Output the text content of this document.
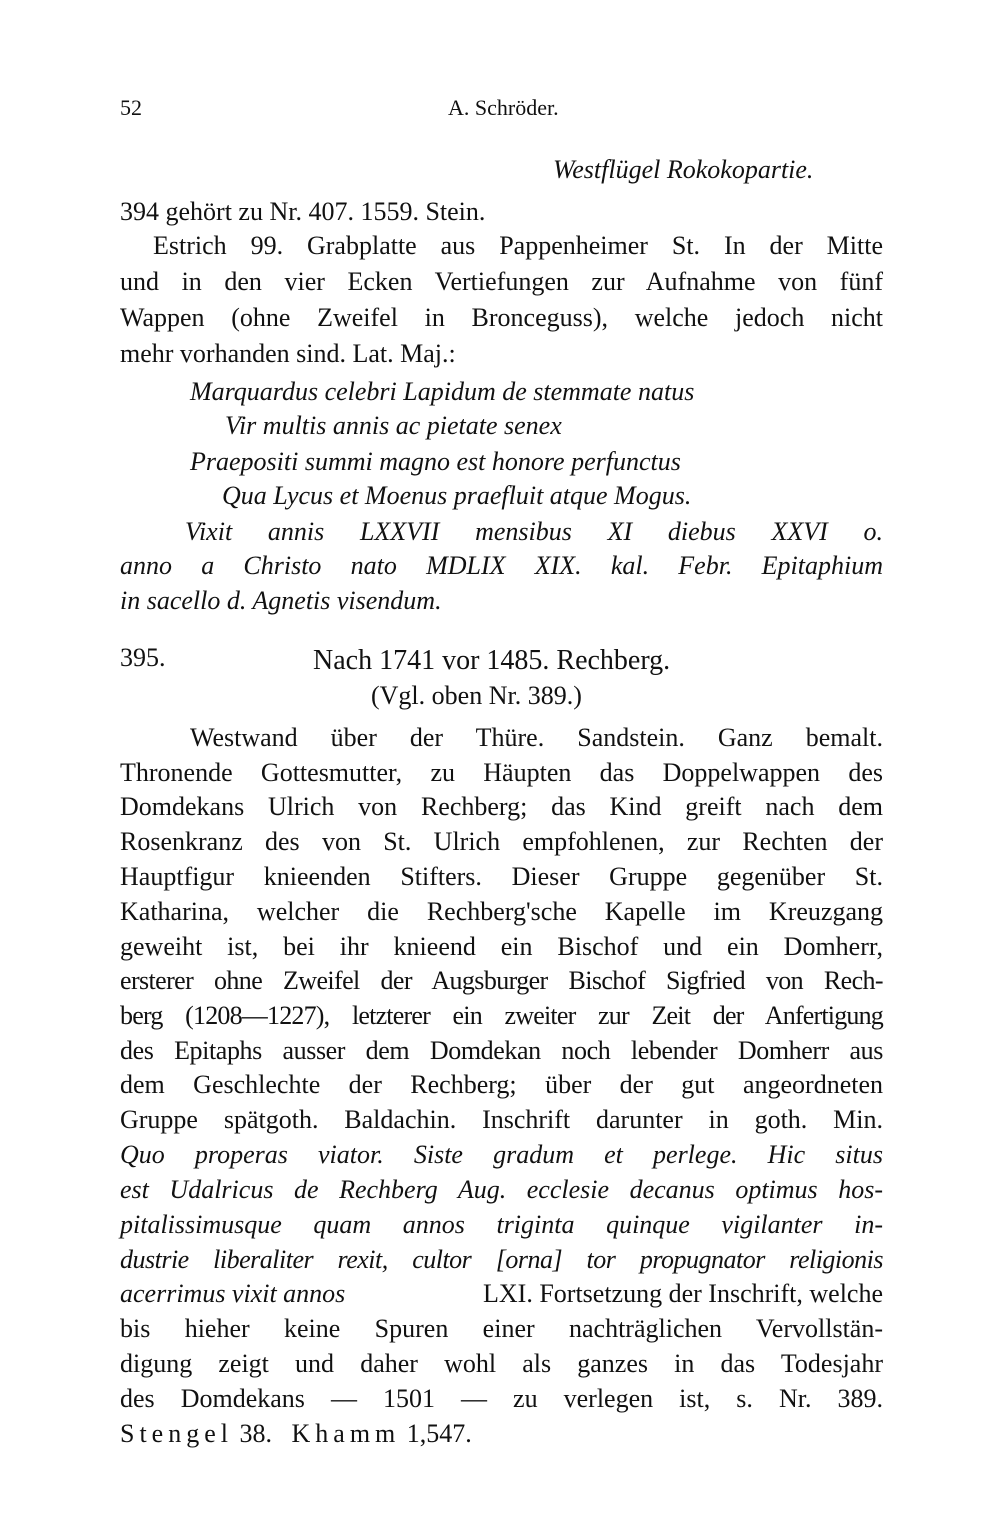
52	A. Schröder.
Westflügel Rokokopartie.
394 gehört zu Nr. 407. 1559. Stein.
Estrich 99. Grabplatte aus Pappenheimer St. In der Mitte
und in den vier Ecken Vertiefungen zur Aufnahme von fünf
Wappen (ohne Zweifel in Bronceguss), welche jedoch nicht
mehr vorhanden sind. Lat. Maj.:
Marquardus celebri Lapidum de stemmate natus
Vir multis annis ac pietate senex
Praepositi summi magno est honore perfunctus
Qua Lycus et Moenus praefluit atque Mogus.
Vixit annis LXXVII mensibus XI diebus XXVI o.
anno a Christo nato MDLIX XIX. kal. Febr. Epitaphium
in sacello d. Agnetis visendum.
395.	Nach 1741 vor 1485. Rechberg.
(Vgl. oben Nr. 389.)
Westwand über der Thüre. Sandstein. Ganz bemalt.
Thronende Gottesmutter, zu Häupten das Doppelwappen des
Domdekans Ulrich von Rechberg; das Kind greift nach dem
Rosenkranz des von St. Ulrich empfohlenen, zur Rechten der
Hauptfigur knieenden Stifters. Dieser Gruppe gegenüber St.
Katharina, welcher die Rechberg'sche Kapelle im Kreuzgang
geweiht ist, bei ihr knieend ein Bischof und ein Domherr,
ersterer ohne Zweifel der Augsburger Bischof Sigfried von Rech-
berg (1208—1227), letzterer ein zweiter zur Zeit der Anfertigung
des Epitaphs ausser dem Domdekan noch lebender Domherr aus
dem Geschlechte der Rechberg; über der gut angeordneten
Gruppe spätgoth. Baldachin. Inschrift darunter in goth. Min.
Quo properas viator. Siste gradum et perlege. Hic situs
est Udalricus de Rechberg Aug. ecclesie decanus optimus hos-
pitalissimusque quam annos triginta quinque vigilanter in-
dustrie liberaliter rexit, cultor [orna] tor propugnator religionis
acerrimus vixit annos	LXI. Fortsetzung der Inschrift, welche
bis hieher keine Spuren einer nachträglichen Vervollstän-
digung zeigt und daher wohl als ganzes in das Todesjahr
des Domdekans — 1501 — zu verlegen ist, s. Nr. 389.
Stengel 38. Khamm 1,547.
